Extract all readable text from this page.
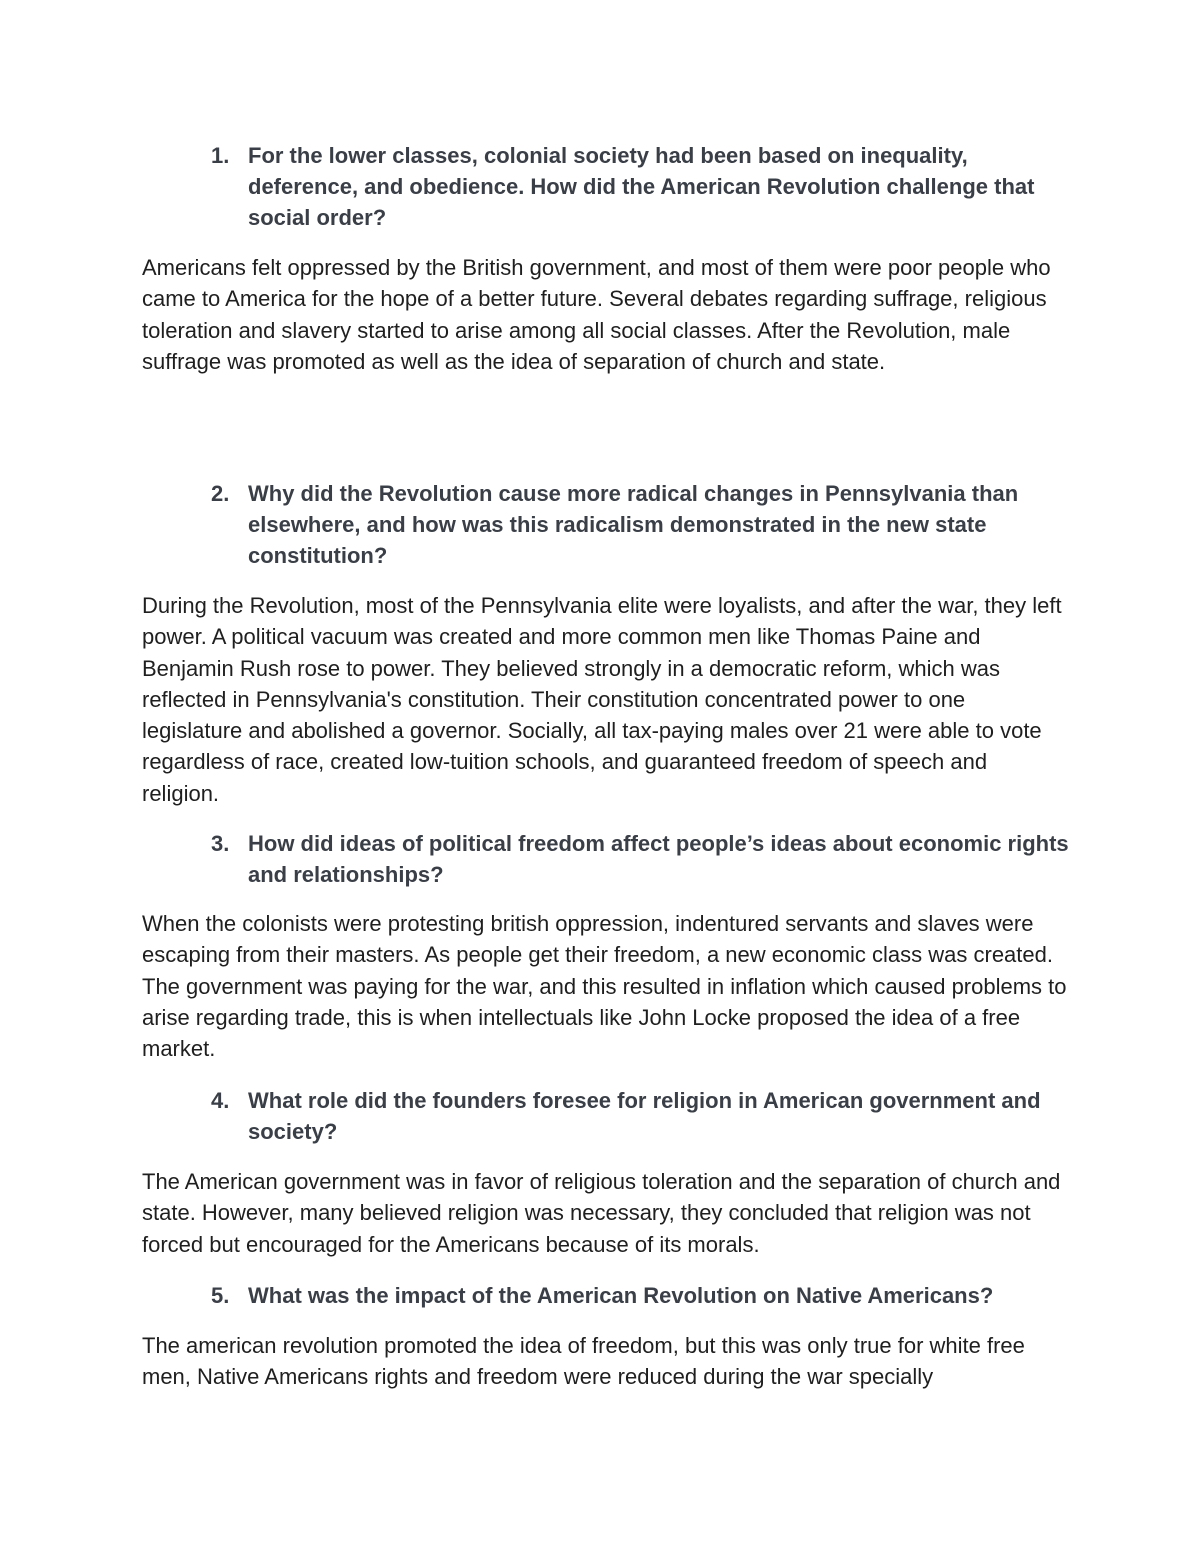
1. For the lower classes, colonial society had been based on inequality, deference, and obedience. How did the American Revolution challenge that social order?
Americans felt oppressed by the British government, and most of them were poor people who came to America for the hope of a better future. Several debates regarding suffrage, religious toleration and slavery started to arise among all social classes. After the Revolution, male suffrage was promoted as well as the idea of separation of church and state.
2. Why did the Revolution cause more radical changes in Pennsylvania than elsewhere, and how was this radicalism demonstrated in the new state constitution?
During the Revolution, most of the Pennsylvania elite were loyalists, and after the war, they left power. A political vacuum was created and more common men like Thomas Paine and Benjamin Rush rose to power. They believed strongly in a democratic reform, which was reflected in Pennsylvania's constitution. Their constitution concentrated power to one legislature and abolished a governor. Socially, all tax-paying males over 21 were able to vote regardless of race, created low-tuition schools, and guaranteed freedom of speech and religion.
3. How did ideas of political freedom affect people’s ideas about economic rights and relationships?
When the colonists were protesting british oppression, indentured servants and slaves were escaping from their masters. As people get their freedom, a new economic class was created. The government was paying for the war, and this resulted in inflation which caused problems to arise regarding trade, this is when intellectuals like John Locke proposed the idea of a free market.
4. What role did the founders foresee for religion in American government and society?
The American government was in favor of religious toleration and the separation of church and state. However, many believed religion was necessary, they concluded that religion was not forced but encouraged for the Americans because of its morals.
5. What was the impact of the American Revolution on Native Americans?
The american revolution promoted the idea of freedom, but this was only true for white free men, Native Americans rights and freedom were reduced during the war specially
